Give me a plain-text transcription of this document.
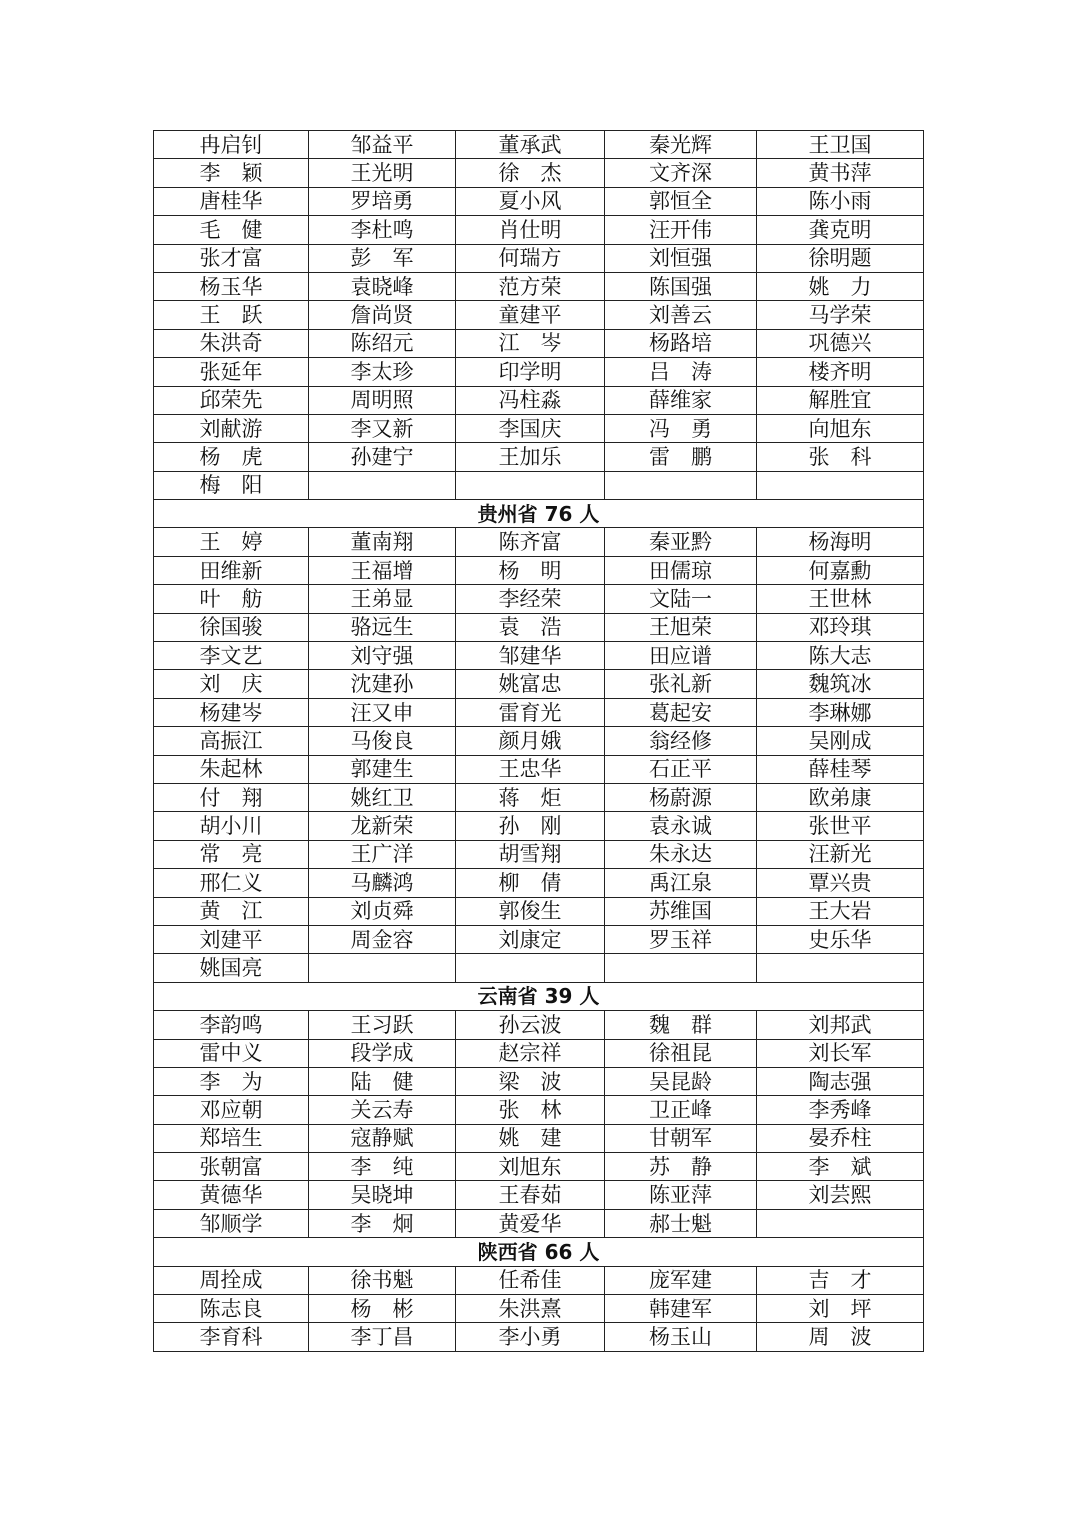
冉启钊	邹益平	董承武	秦光辉	王卫国
李　颖	王光明	徐　杰	文齐深	黄书萍
唐桂华	罗培勇	夏小风	郭恒全	陈小雨
毛　健	李杜鸣	肖仕明	汪开伟	龚克明
张才富	彭　军	何瑞方	刘恒强	徐明题
杨玉华	袁晓峰	范方荣	陈国强	姚　力
王　跃	詹尚贤	童建平	刘善云	马学荣
朱洪奇	陈绍元	江　岑	杨路培	巩德兴
张延年	李太珍	印学明	吕　涛	楼齐明
邱荣先	周明照	冯柱淼	薛维家	解胜宜
刘献游	李又新	李国庆	冯　勇	向旭东
杨　虎	孙建宁	王加乐	雷　鹏	张　科
梅　阳				
贵州省 76 人				
王　婷	董南翔	陈齐富	秦亚黔	杨海明
田维新	王福增	杨　明	田儒琼	何嘉勳
叶　舫	王弟显	李经荣	文陆一	王世林
徐国骏	骆远生	袁　浩	王旭荣	邓玲琪
李文艺	刘守强	邹建华	田应谱	陈大志
刘　庆	沈建孙	姚富忠	张礼新	魏筑冰
杨建岑	汪又申	雷育光	葛起安	李琳娜
高振江	马俊良	颜月娥	翁经修	吴刚成
朱起林	郭建生	王忠华	石正平	薛桂琴
付　翔	姚红卫	蒋　炬	杨蔚源	欧弟康
胡小川	龙新荣	孙　刚	袁永诚	张世平
常　亮	王广洋	胡雪翔	朱永达	汪新光
邢仁义	马麟鸿	柳　倩	禹江泉	覃兴贵
黄　江	刘贞舜	郭俊生	苏维国	王大岩
刘建平	周金容	刘康定	罗玉祥	史乐华
姚国亮				
云南省 39 人				
李韵鸣	王习跃	孙云波	魏　群	刘邦武
雷中义	段学成	赵宗祥	徐祖昆	刘长军
李　为	陆　健	梁　波	吴昆龄	陶志强
邓应朝	关云寿	张　林	卫正峰	李秀峰
郑培生	寇静赋	姚　建	甘朝军	晏乔柱
张朝富	李　纯	刘旭东	苏　静	李　斌
黄德华	吴晓坤	王春茹	陈亚萍	刘芸熙
邹顺学	李　炯	黄爱华	郝士魁	
陕西省 66 人				
周拴成	徐书魁	任希佳	庞军建	吉　才
陈志良	杨　彬	朱洪熹	韩建军	刘　坪
李育科	李丁昌	李小勇	杨玉山	周　波
